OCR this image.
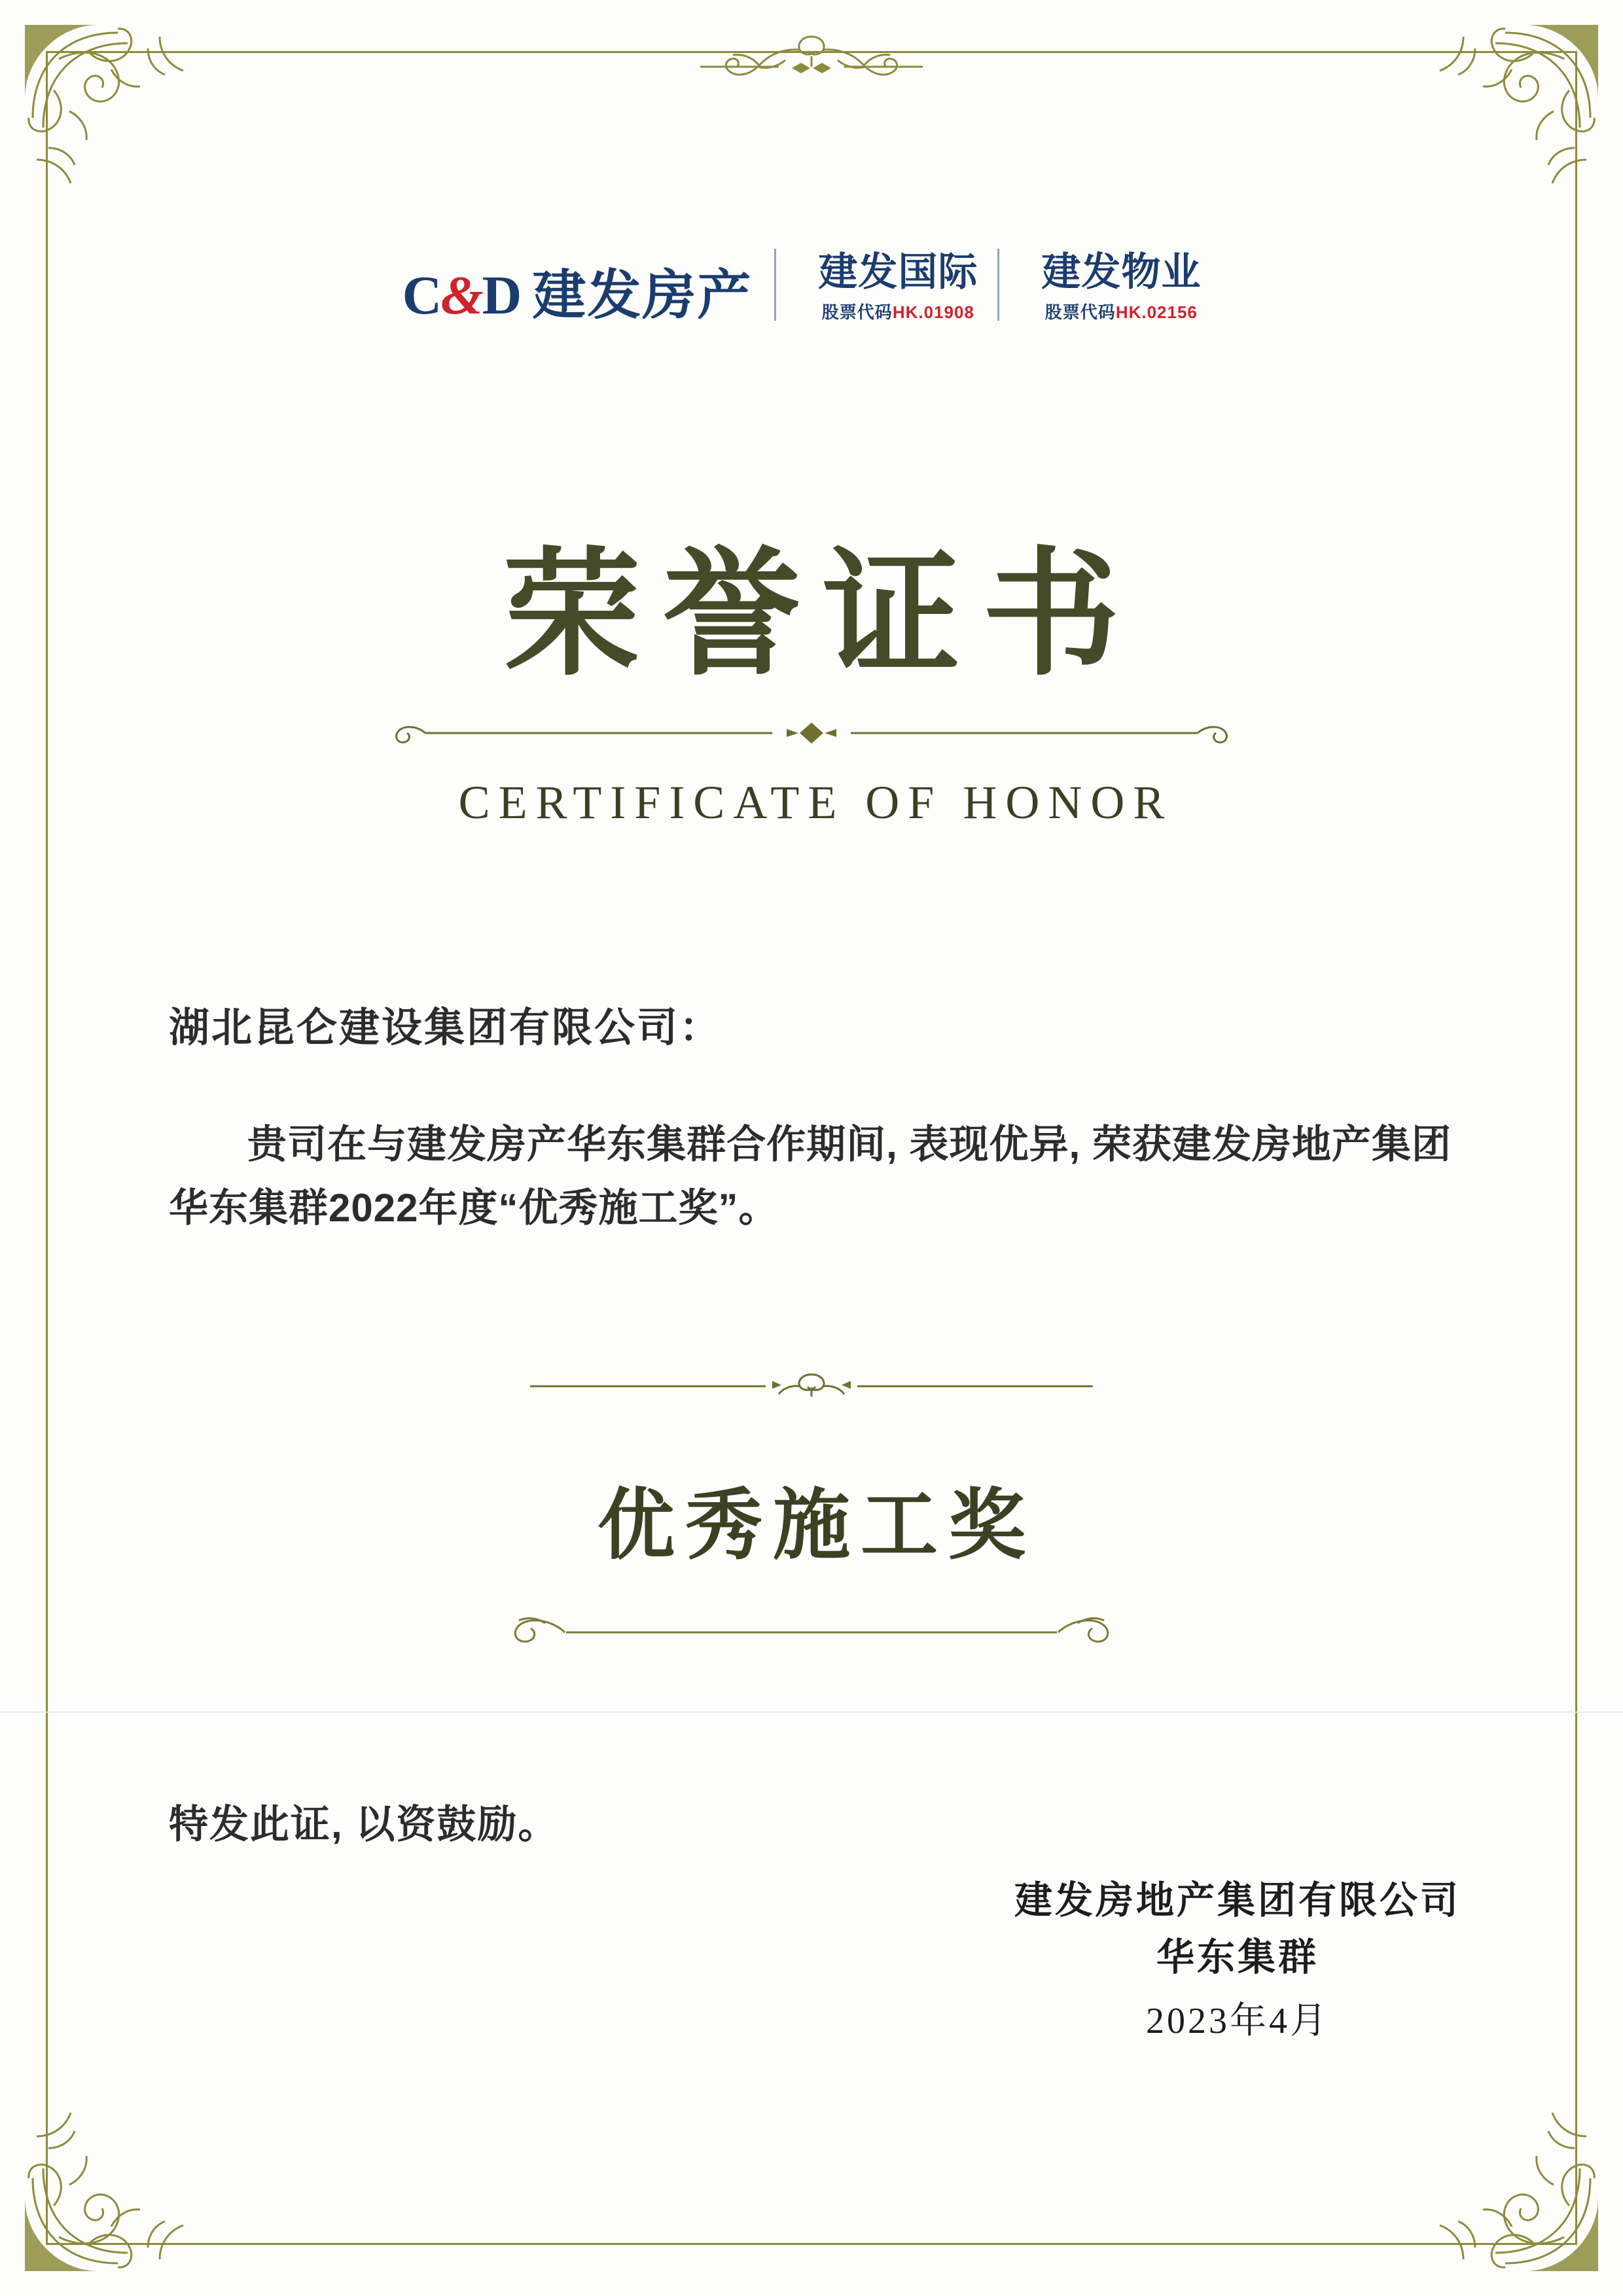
C&D 建发房产 建发国际
股票代码HK.01908
建发物业
股票代码HK.02156
荣誉证书
CERTIFICATE OF HONOR
湖北昆仑建设集团有限公司：
贵司在与建发房产华东集群合作期间, 表现优异, 荣获建发房地产集团华东集群2022年度“优秀施工奖”。
优秀施工奖
特发此证, 以资鼓励。
建发房地产集团有限公司
华东集群
2023年4月
